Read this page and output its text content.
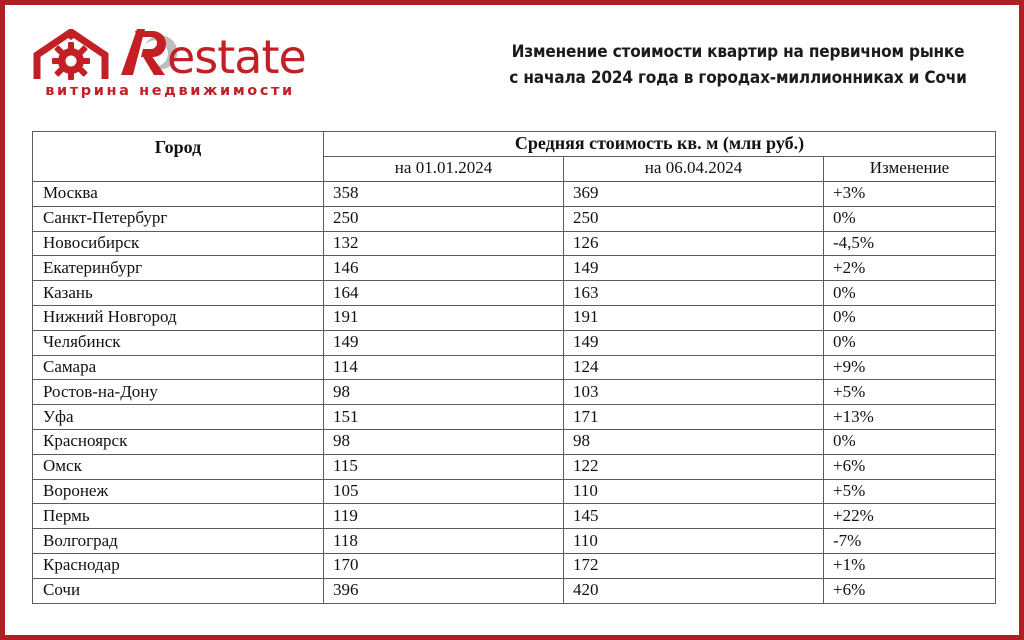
estate
витрина недвижимости
Изменение стоимости квартир на первичном рынке
с начала 2024 года в городах-миллионниках и Сочи
Город	Средняя стоимость кв. м (млн руб.)		
	на 01.01.2024	на 06.04.2024	Изменение
Москва	358	369	+3%
Санкт-Петербург	250	250	0%
Новосибирск	132	126	-4,5%
Екатеринбург	146	149	+2%
Казань	164	163	0%
Нижний Новгород	191	191	0%
Челябинск	149	149	0%
Самара	114	124	+9%
Ростов-на-Дону	98	103	+5%
Уфа	151	171	+13%
Красноярск	98	98	0%
Омск	115	122	+6%
Воронеж	105	110	+5%
Пермь	119	145	+22%
Волгоград	118	110	-7%
Краснодар	170	172	+1%
Сочи	396	420	+6%
